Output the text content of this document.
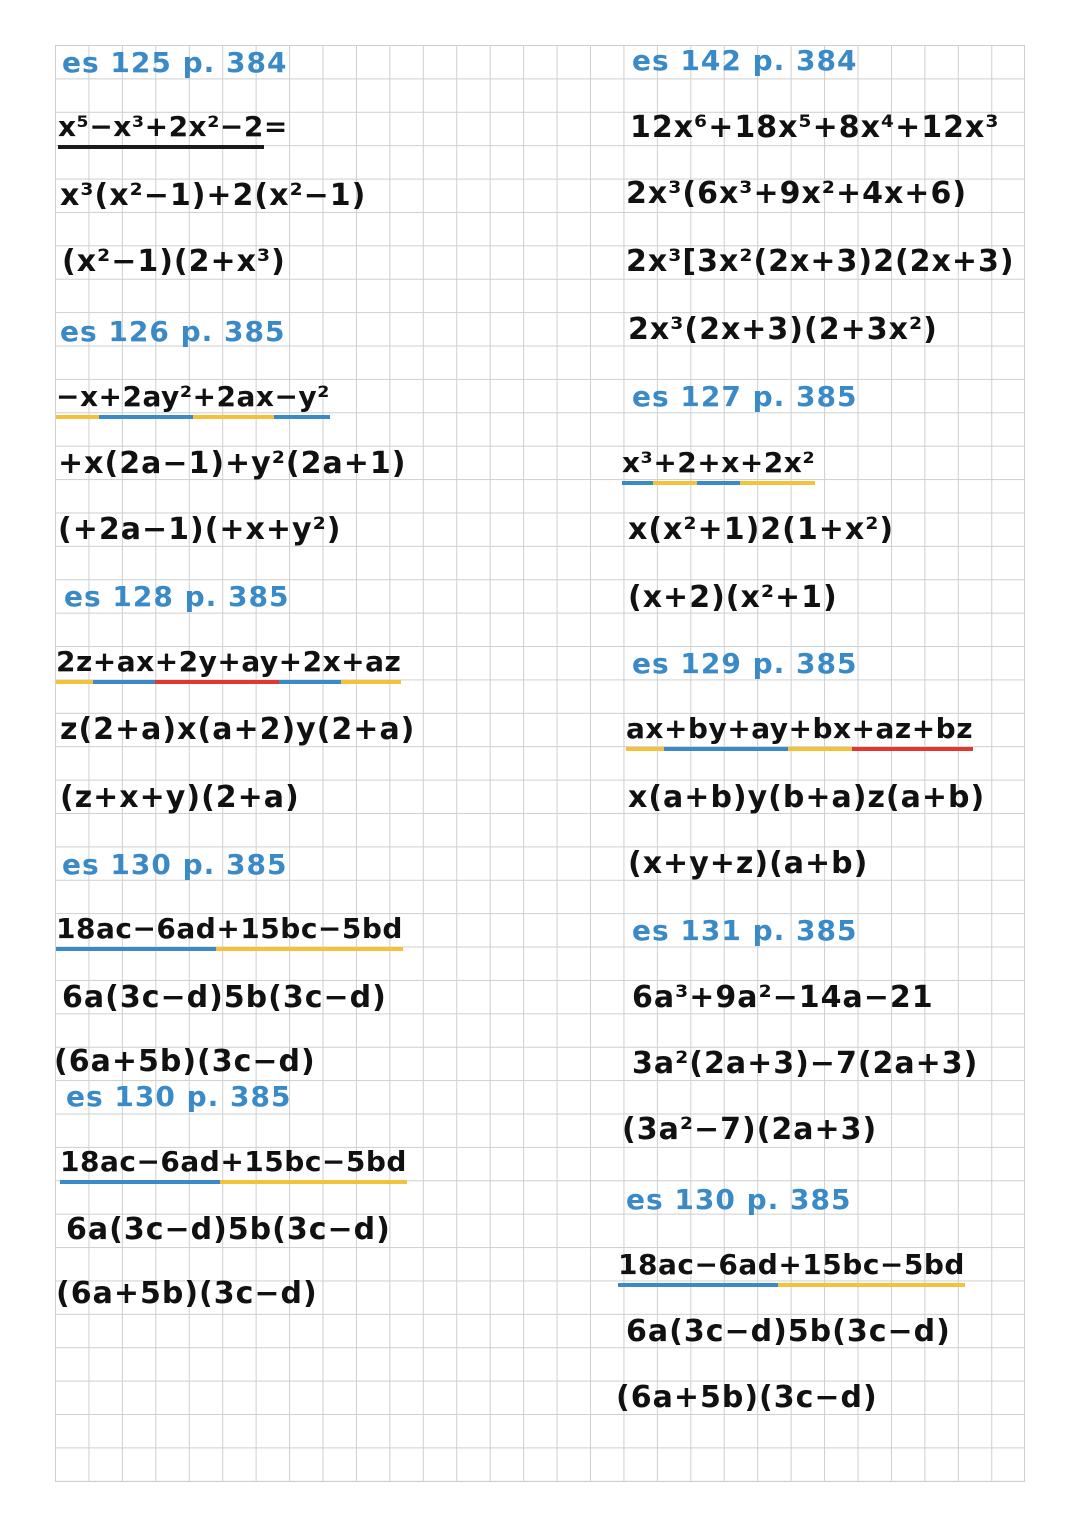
es 125 p. 384
x⁵−x³+2x²−2=
x³(x²−1)+2(x²−1)
(x²−1)(2+x³)
es 126 p. 385
−x+2ay²+2ax−y²
+x(2a−1)+y²(2a+1)
(+2a−1)(+x+y²)
es 128 p. 385
2z+ax+2y+ay+2x+az
z(2+a)x(a+2)y(2+a)
(z+x+y)(2+a)
es 130 p. 385
18ac−6ad+15bc−5bd
6a(3c−d)5b(3c−d)
(6a+5b)(3c−d)
es 130 p. 385
18ac−6ad+15bc−5bd
6a(3c−d)5b(3c−d)
(6a+5b)(3c−d)
es 142 p. 384
12x⁶+18x⁵+8x⁴+12x³
2x³(6x³+9x²+4x+6)
2x³[3x²(2x+3)2(2x+3)
2x³(2x+3)(2+3x²)
es 127 p. 385
x³+2+x+2x²
x(x²+1)2(1+x²)
(x+2)(x²+1)
es 129 p. 385
ax+by+ay+bx+az+bz
x(a+b)y(b+a)z(a+b)
(x+y+z)(a+b)
es 131 p. 385
6a³+9a²−14a−21
3a²(2a+3)−7(2a+3)
(3a²−7)(2a+3)
es 130 p. 385
18ac−6ad+15bc−5bd
6a(3c−d)5b(3c−d)
(6a+5b)(3c−d)
